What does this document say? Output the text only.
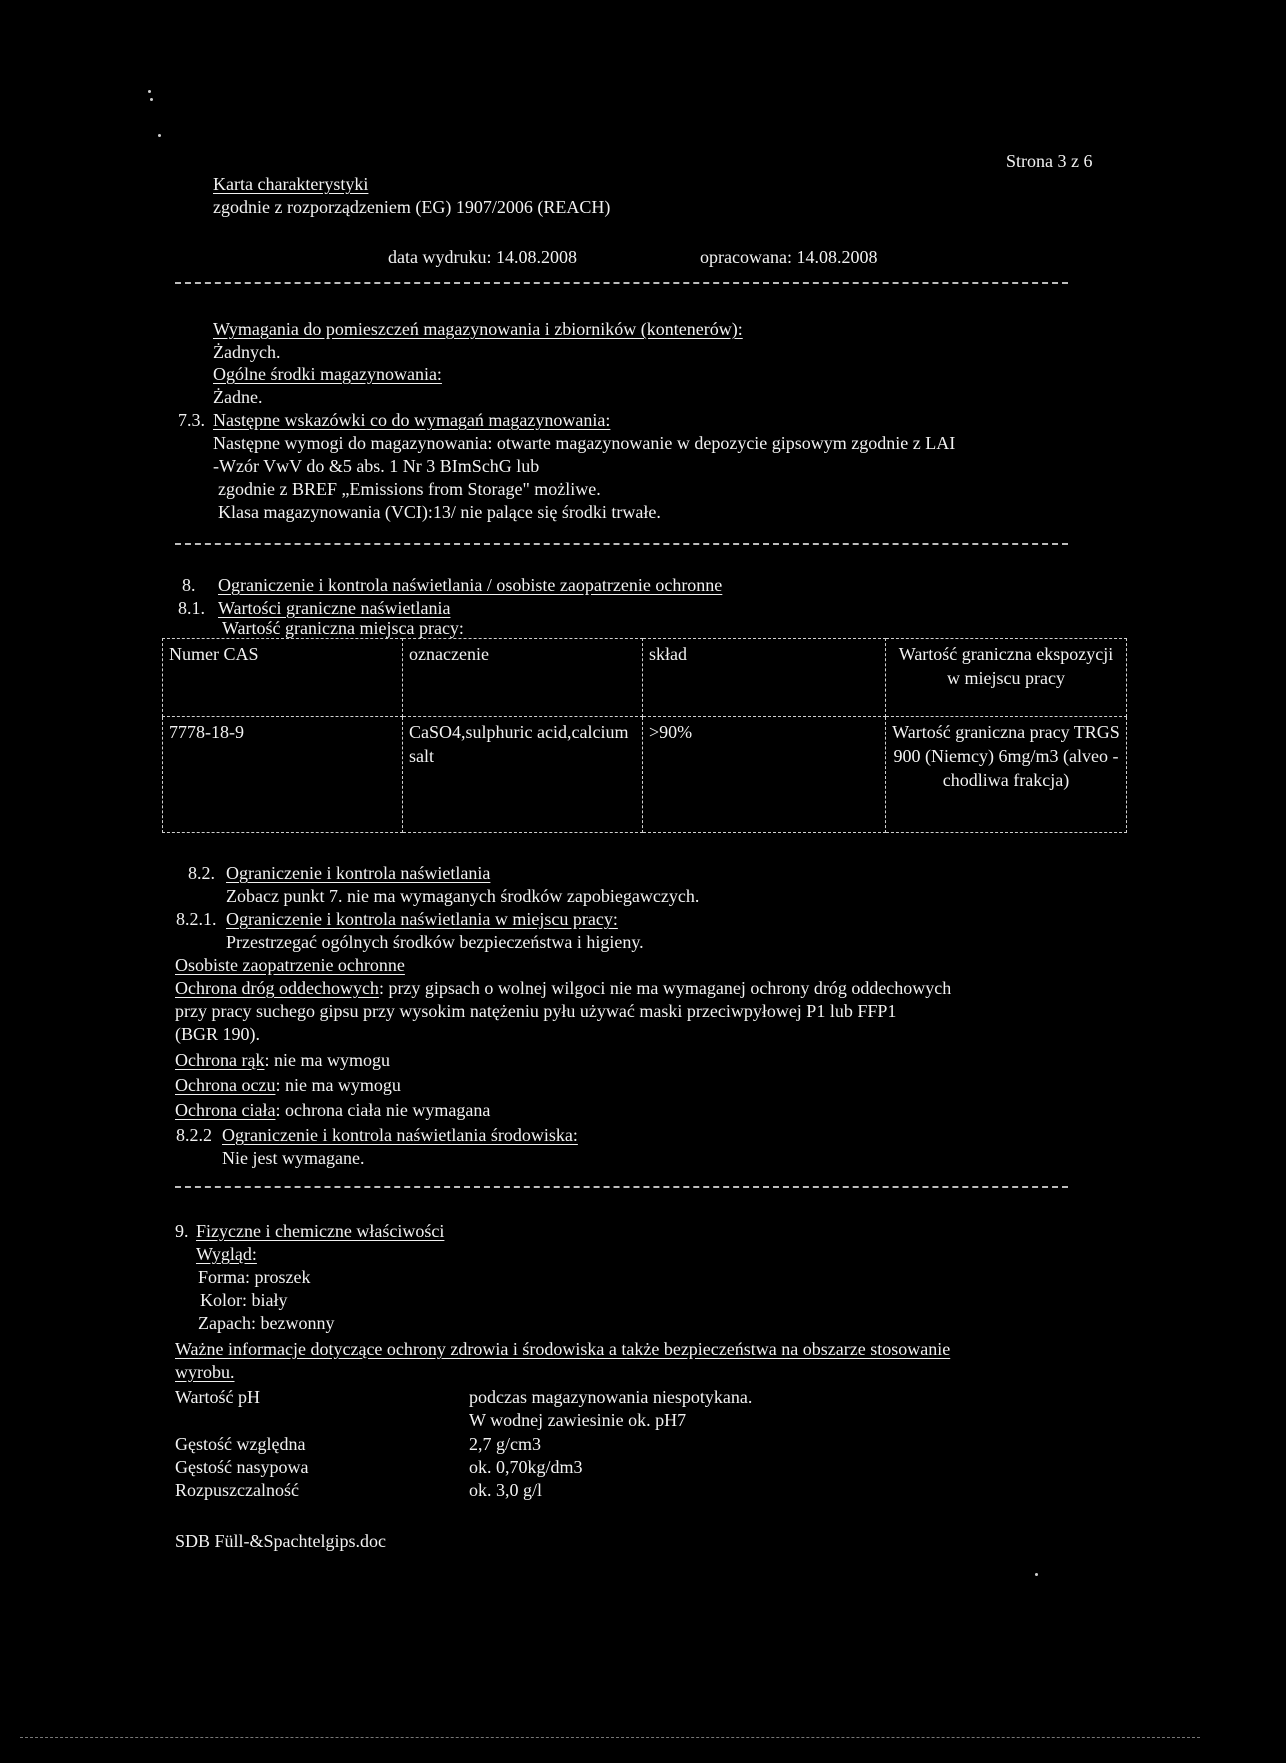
Strona 3 z 6
Karta charakterystyki
zgodnie z rozporządzeniem (EG) 1907/2006 (REACH)
data wydruku: 14.08.2008	opracowana: 14.08.2008
Wymagania do pomieszczeń magazynowania i zbiorników (kontenerów):
Żadnych.
Ogólne środki magazynowania:
Żadne.
7.3. Następne wskazówki co do wymagań magazynowania:
Następne wymogi do magazynowania: otwarte magazynowanie w depozycie gipsowym zgodnie z LAI
-Wzór VwV do &5 abs. 1 Nr 3 BImSchG lub
zgodnie z BREF „Emissions from Storage" możliwe.
Klasa magazynowania (VCI):13/ nie palące się środki trwałe.
8. Ograniczenie i kontrola naświetlania / osobiste zaopatrzenie ochronne
8.1. Wartości graniczne naświetlania
Wartość graniczna miejsca pracy:
Numer CAS	oznaczenie	skład	Wartość graniczna ekspozycji w miejscu pracy
7778-18-9	CaSO4,sulphuric acid,calcium salt	>90%	Wartość graniczna pracy TRGS 900 (Niemcy) 6mg/m3 (alveo - chodliwa frakcja)
8.2. Ograniczenie i kontrola naświetlania
Zobacz punkt 7. nie ma wymaganych środków zapobiegawczych.
8.2.1. Ograniczenie i kontrola naświetlania w miejscu pracy:
Przestrzegać ogólnych środków bezpieczeństwa i higieny.
Osobiste zaopatrzenie ochronne
Ochrona dróg oddechowych: przy gipsach o wolnej wilgoci nie ma wymaganej ochrony dróg oddechowych
przy pracy suchego gipsu przy wysokim natężeniu pyłu używać maski przeciwpyłowej P1 lub FFP1
(BGR 190).
Ochrona rąk: nie ma wymogu
Ochrona oczu: nie ma wymogu
Ochrona ciała: ochrona ciała nie wymagana
8.2.2 Ograniczenie i kontrola naświetlania środowiska:
Nie jest wymagane.
9. Fizyczne i chemiczne właściwości
Wygląd:
Forma: proszek
Kolor: biały
Zapach: bezwonny
Ważne informacje dotyczące ochrony zdrowia i środowiska a także bezpieczeństwa na obszarze stosowanie
wyrobu.
Wartość pH	podczas magazynowania niespotykana.
W wodnej zawiesinie ok. pH7
Gęstość względna	2,7 g/cm3
Gęstość nasypowa	ok. 0,70kg/dm3
Rozpuszczalność	ok. 3,0 g/l
SDB Füll-&Spachtelgips.doc
